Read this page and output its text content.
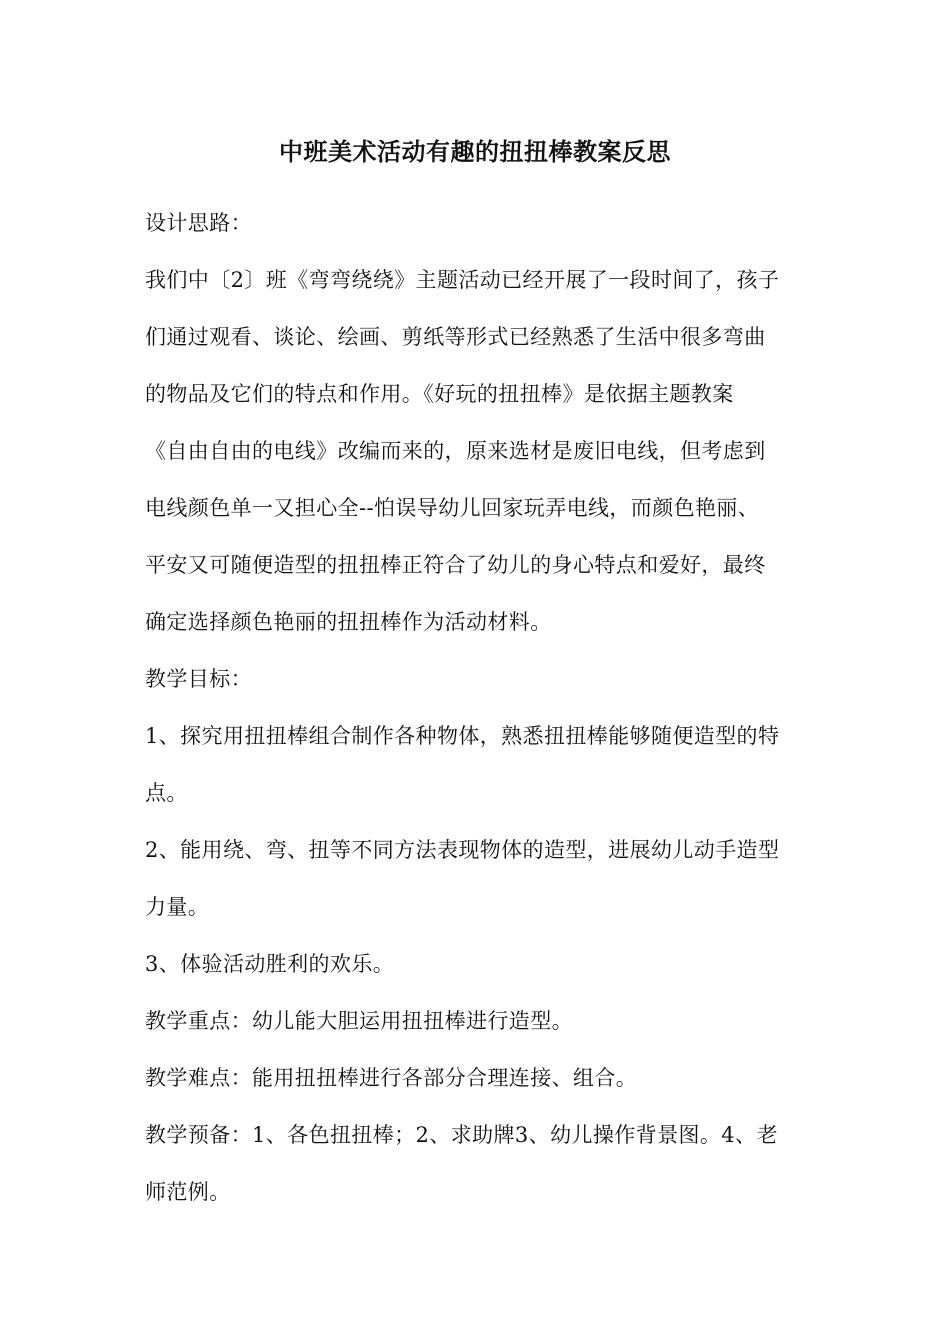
中班美术活动有趣的扭扭棒教案反思
设计思路：
我们中〔2〕班《弯弯绕绕》主题活动已经开展了一段时间了，孩子
们通过观看、谈论、绘画、剪纸等形式已经熟悉了生活中很多弯曲
的物品及它们的特点和作用。《好玩的扭扭棒》是依据主题教案
《自由自由的电线》改编而来的，原来选材是废旧电线，但考虑到
电线颜色单一又担心全--怕误导幼儿回家玩弄电线，而颜色艳丽、
平安又可随便造型的扭扭棒正符合了幼儿的身心特点和爱好，最终
确定选择颜色艳丽的扭扭棒作为活动材料。
教学目标：
1、探究用扭扭棒组合制作各种物体，熟悉扭扭棒能够随便造型的特
点。
2、能用绕、弯、扭等不同方法表现物体的造型，进展幼儿动手造型
力量。
3、体验活动胜利的欢乐。
教学重点：幼儿能大胆运用扭扭棒进行造型。
教学难点：能用扭扭棒进行各部分合理连接、组合。
教学预备：1、各色扭扭棒；2、求助牌3、幼儿操作背景图。4、老
师范例。
